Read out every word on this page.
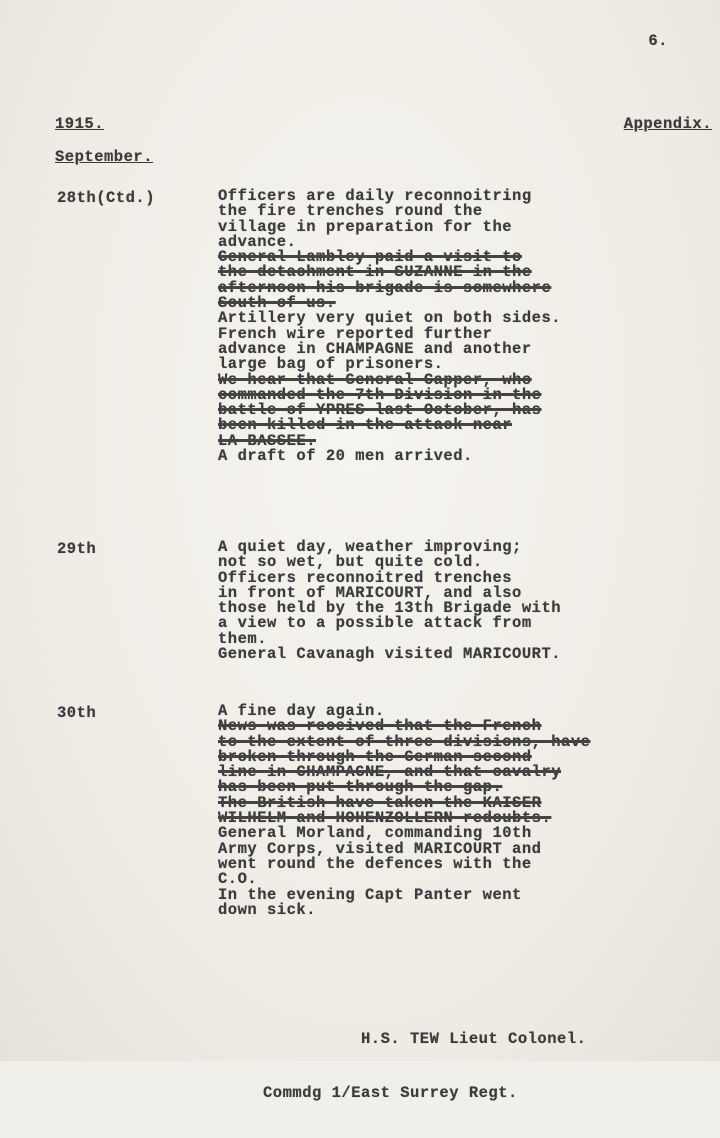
6.
1915.	Appendix.
September.
28th(Ctd.)	Officers are daily reconnoitring
the fire trenches round the
village in preparation for the
advance.
General Lambley paid a visit to
the detachment in SUZANNE in the
afternoon his brigade is somewhere
South of us.
Artillery very quiet on both sides.
French wire reported further
advance in CHAMPAGNE and another
large bag of prisoners.
We hear that General Capper, who
commanded the 7th Division in the
battle of YPRES last October, has
been killed in the attack near
LA BASSEE.
A draft of 20 men arrived.
29th	A quiet day, weather improving;
not so wet, but quite cold.
Officers reconnoitred trenches
in front of MARICOURT, and also
those held by the 13th Brigade with
a view to a possible attack from
them.
General Cavanagh visited MARICOURT.
30th	A fine day again.
News was received that the French
to the extent of three divisions, have
broken through the German second
line in CHAMPAGNE, and that cavalry
has been put through the gap.
The British have taken the KAISER
WILHELM and HOHENZOLLERN redoubts.
General Morland, commanding 10th
Army Corps, visited MARICOURT and
went round the defences with the
C.O.
In the evening Capt Panter went
down sick.

H.S. TEW Lieut Colonel.

Commdg 1/East Surrey Regt.
